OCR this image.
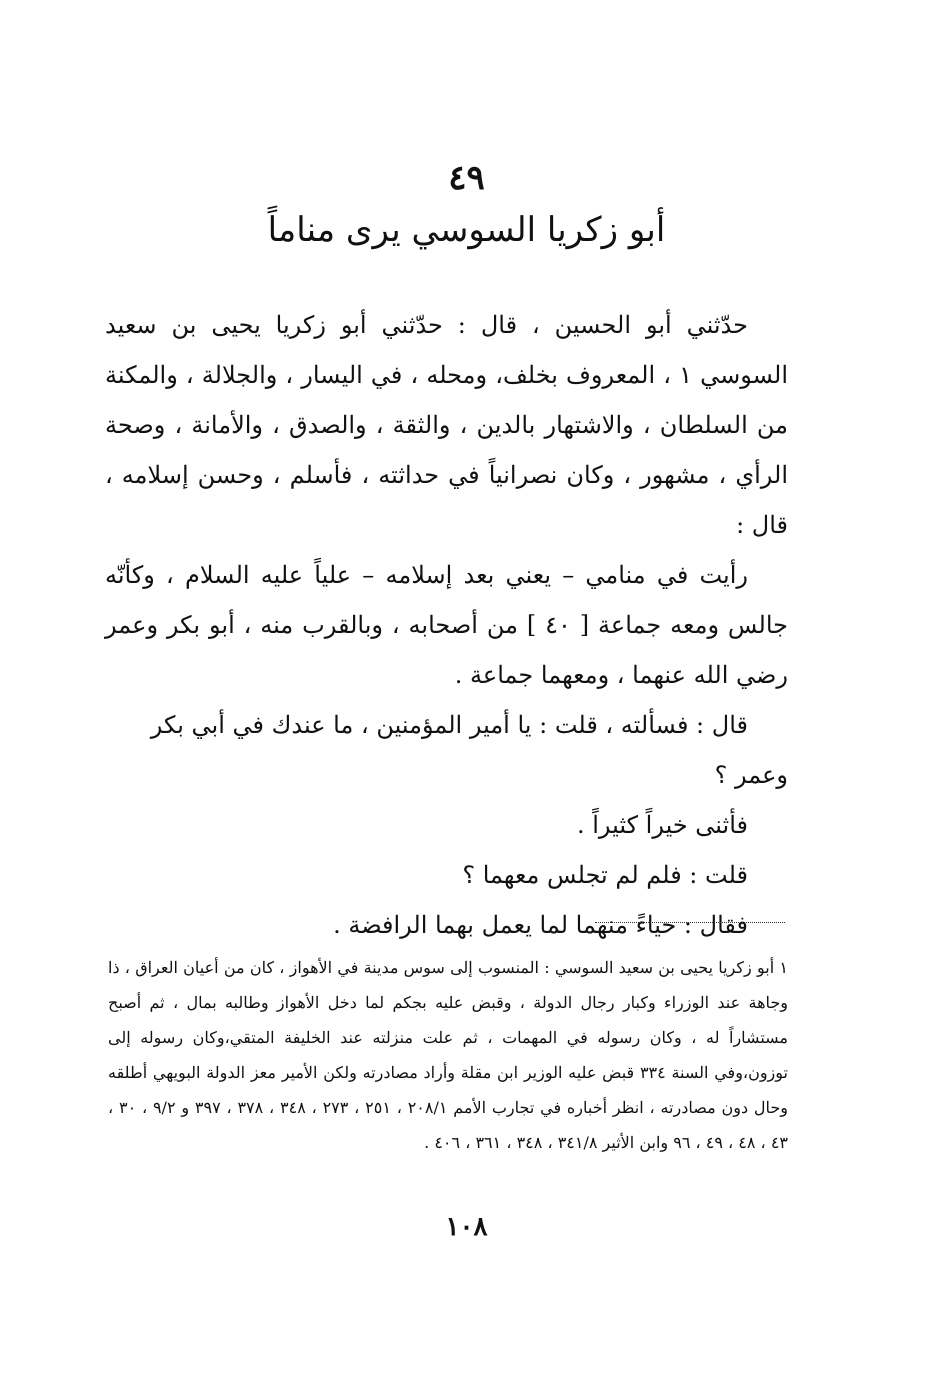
٤٩
أبو زكريا السوسي يرى مناماً

حدّثني أبو الحسين ، قال : حدّثني أبو زكريا يحيى بن سعيد السوسي ١ ، المعروف بخلف، ومحله ، في اليسار ، والجلالة ، والمكنة من السلطان ، والاشتهار بالدين ، والثقة ، والصدق ، والأمانة ، وصحة الرأي ، مشهور ، وكان نصرانياً في حداثته ، فأسلم ، وحسن إسلامه ، قال :

رأيت في منامي – يعني بعد إسلامه – علياً عليه السلام ، وكأنّه جالس ومعه جماعة [ ٤٠ ] من أصحابه ، وبالقرب منه ، أبو بكر وعمر رضي الله عنهما ، ومعهما جماعة .

قال : فسألته ، قلت : يا أمير المؤمنين ، ما عندك في أبي بكر وعمر ؟

فأثنى خيراً كثيراً .

قلت : فلم لم تجلس معهما ؟

فقال : حياءً منهما لما يعمل بهما الرافضة .

١ أبو زكريا يحيى بن سعيد السوسي : المنسوب إلى سوس مدينة في الأهواز ، كان من أعيان العراق ، ذا وجاهة عند الوزراء وكبار رجال الدولة ، وقبض عليه بجكم لما دخل الأهواز وطالبه بمال ، ثم أصبح مستشاراً له ، وكان رسوله في المهمات ، ثم علت منزلته عند الخليفة المتقي،وكان رسوله إلى توزون،وفي السنة ٣٣٤ قبض عليه الوزير ابن مقلة وأراد مصادرته ولكن الأمير معز الدولة البويهي أطلقه وحال دون مصادرته ، انظر أخباره في تجارب الأمم ٢٠٨/١ ، ٢٥١ ، ٢٧٣ ، ٣٤٨ ، ٣٧٨ ، ٣٩٧ و ٩/٢ ، ٣٠ ، ٤٣ ، ٤٨ ، ٤٩ ، ٩٦ وابن الأثير ٣٤١/٨ ، ٣٤٨ ، ٣٦١ ، ٤٠٦ .

١٠٨
